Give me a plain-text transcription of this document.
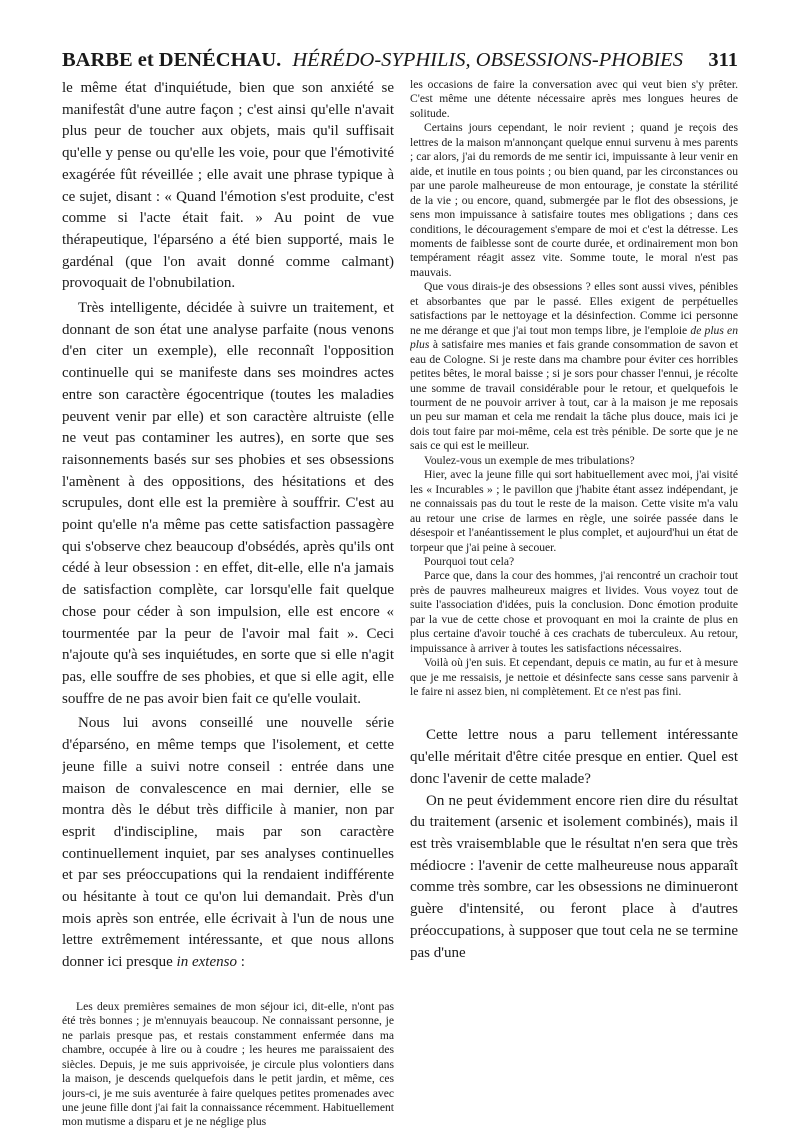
BARBE et DENÉCHAU. HÉRÉDO-SYPHILIS, OBSESSIONS-PHOBIES 311

le même état d'inquiétude, bien que son anxiété se manifestât d'une autre façon ; c'est ainsi qu'elle n'avait plus peur de toucher aux objets, mais qu'il suffisait qu'elle y pense ou qu'elle les voie, pour que l'émotivité exagérée fût réveillée ; elle avait une phrase typique à ce sujet, disant : « Quand l'émotion s'est produite, c'est comme si l'acte était fait. » Au point de vue thérapeutique, l'éparséno a été bien supporté, mais le gardénal (que l'on avait donné comme calmant) provoquait de l'obnubilation.

Très intelligente, décidée à suivre un traitement, et donnant de son état une analyse parfaite (nous venons d'en citer un exemple), elle reconnaît l'opposition continuelle qui se manifeste dans ses moindres actes entre son caractère égocentrique (toutes les maladies peuvent venir par elle) et son caractère altruiste (elle ne veut pas contaminer les autres), en sorte que ses raisonnements basés sur ses phobies et ses obsessions l'amènent à des oppositions, des hésitations et des scrupules, dont elle est la première à souffrir. C'est au point qu'elle n'a même pas cette satisfaction passagère qui s'observe chez beaucoup d'obsédés, après qu'ils ont cédé à leur obsession : en effet, dit-elle, elle n'a jamais de satisfaction complète, car lorsqu'elle fait quelque chose pour céder à son impulsion, elle est encore « tourmentée par la peur de l'avoir mal fait ». Ceci n'ajoute qu'à ses inquiétudes, en sorte que si elle n'agit pas, elle souffre de ses phobies, et que si elle agit, elle souffre de ne pas avoir bien fait ce qu'elle voulait.

Nous lui avons conseillé une nouvelle série d'éparséno, en même temps que l'isolement, et cette jeune fille a suivi notre conseil : entrée dans une maison de convalescence en mai dernier, elle se montra dès le début très difficile à manier, non par esprit d'indiscipline, mais par son caractère continuellement inquiet, par ses analyses continuelles et par ses préoccupations qui la rendaient indifférente ou hésitante à tout ce qu'on lui demandait. Près d'un mois après son entrée, elle écrivait à l'un de nous une lettre extrêmement intéressante, et que nous allons donner ici presque in extenso :

Les deux premières semaines de mon séjour ici, dit-elle, n'ont pas été très bonnes ; je m'ennuyais beaucoup. Ne connaissant personne, je ne parlais presque pas, et restais constamment enfermée dans ma chambre, occupée à lire ou à coudre ; les heures me paraissaient des siècles. Depuis, je me suis apprivoisée, je circule plus volontiers dans la maison, je descends quelquefois dans le petit jardin, et même, ces jours-ci, je me suis aventurée à faire quelques petites promenades avec une jeune fille dont j'ai fait la connaissance récemment. Habituellement mon mutisme a disparu et je ne néglige plus

les occasions de faire la conversation avec qui veut bien s'y prêter. C'est même une détente nécessaire après mes longues heures de solitude.

Certains jours cependant, le noir revient ; quand je reçois des lettres de la maison m'annonçant quelque ennui survenu à mes parents ; car alors, j'ai du remords de me sentir ici, impuissante à leur venir en aide, et inutile en tous points ; ou bien quand, par les circonstances ou par une parole malheureuse de mon entourage, je constate la stérilité de la vie ; ou encore, quand, submergée par le flot des obsessions, je sens mon impuissance à satisfaire toutes mes obligations ; dans ces conditions, le découragement s'empare de moi et c'est la détresse. Les moments de faiblesse sont de courte durée, et ordinairement mon bon tempérament réagit assez vite. Somme toute, le moral n'est pas mauvais.

Que vous dirais-je des obsessions ? elles sont aussi vives, pénibles et absorbantes que par le passé. Elles exigent de perpétuelles satisfactions par le nettoyage et la désinfection. Comme ici personne ne me dérange et que j'ai tout mon temps libre, je l'emploie de plus en plus à satisfaire mes manies et fais grande consommation de savon et eau de Cologne. Si je reste dans ma chambre pour éviter ces horribles petites bêtes, le moral baisse ; si je sors pour chasser l'ennui, je récolte une somme de travail considérable pour le retour, et quelquefois le tourment de ne pouvoir arriver à tout, car à la maison je me reposais un peu sur maman et cela me rendait la tâche plus douce, mais ici je dois tout faire par moi-même, cela est très pénible. De sorte que je ne sais ce qui est le meilleur.

Voulez-vous un exemple de mes tribulations?

Hier, avec la jeune fille qui sort habituellement avec moi, j'ai visité les « Incurables » ; le pavillon que j'habite étant assez indépendant, je ne connaissais pas du tout le reste de la maison. Cette visite m'a valu au retour une crise de larmes en règle, une soirée passée dans le désespoir et l'anéantissement le plus complet, et aujourd'hui un état de torpeur que j'ai peine à secouer.

Pourquoi tout cela?

Parce que, dans la cour des hommes, j'ai rencontré un crachoir tout près de pauvres malheureux maigres et livides. Vous voyez tout de suite l'association d'idées, puis la conclusion. Donc émotion produite par la vue de cette chose et provoquant en moi la crainte de plus en plus certaine d'avoir touché à ces crachats de tuberculeux. Au retour, impuissance à arriver à toutes les satisfactions nécessaires.

Voilà où j'en suis. Et cependant, depuis ce matin, au fur et à mesure que je me ressaisis, je nettoie et désinfecte sans cesse sans parvenir à le faire ni assez bien, ni complètement. Et ce n'est pas fini.

Cette lettre nous a paru tellement intéressante qu'elle méritait d'être citée presque en entier. Quel est donc l'avenir de cette malade?

On ne peut évidemment encore rien dire du résultat du traitement (arsenic et isolement combinés), mais il est très vraisemblable que le résultat n'en sera que très médiocre : l'avenir de cette malheureuse nous apparaît comme très sombre, car les obsessions ne diminueront guère d'intensité, ou feront place à d'autres préoccupations, à supposer que tout cela ne se termine pas d'une
